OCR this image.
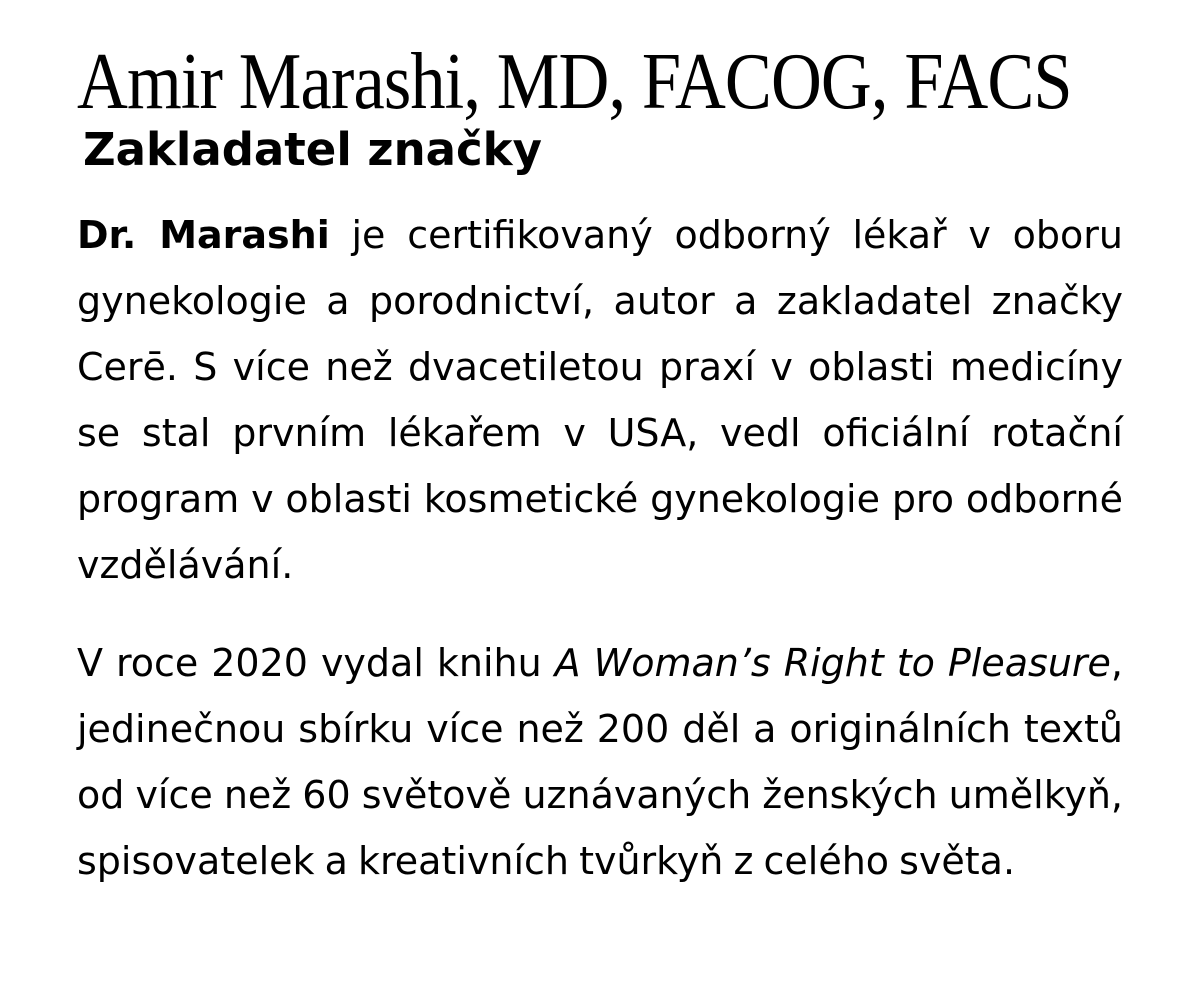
Amir Marashi, MD, FACOG, FACS
Zakladatel značky

Dr. Marashi je certifikovaný odborný lékař v oboru gynekologie a porodnictví, autor a zakladatel značky Cerē. S více než dvacetiletou praxí v oblasti medicíny se stal prvním lékařem v USA, vedl oficiální rotační program v oblasti kosmetické gynekologie pro odborné vzdělávání.

V roce 2020 vydal knihu A Woman’s Right to Pleasure, jedinečnou sbírku více než 200 děl a originálních textů od více než 60 světově uznávaných ženských umělkyň, spisovatelek a kreativních tvůrkyň z celého světa.
